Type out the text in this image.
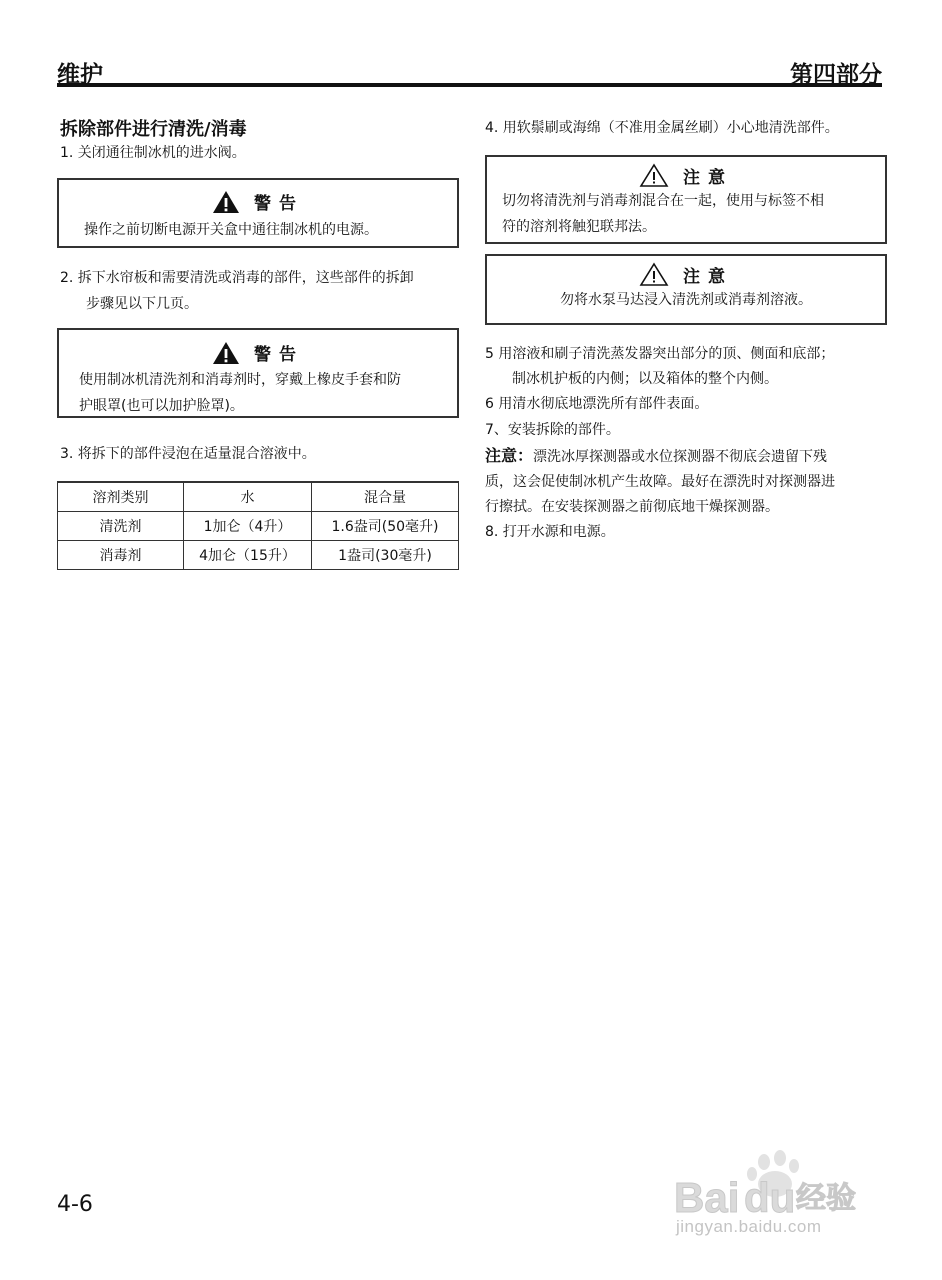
维护	第四部分
拆除部件进行清洗/消毒
1. 关闭通往制冰机的进水阀。
警告
操作之前切断电源开关盒中通往制冰机的电源。
2. 拆下水帘板和需要清洗或消毒的部件，这些部件的拆卸
步骤见以下几页。
警告
使用制冰机清洗剂和消毒剂时，穿戴上橡皮手套和防
护眼罩(也可以加护脸罩)。
3. 将拆下的部件浸泡在适量混合溶液中。
溶剂类别	水	混合量
清洗剂	1加仑（4升）	1.6盎司(50毫升)
消毒剂	4加仑（15升）	1盎司(30毫升)
4. 用软鬃刷或海绵（不准用金属丝刷）小心地清洗部件。
注意
切勿将清洗剂与消毒剂混合在一起，使用与标签不相
符的溶剂将触犯联邦法。
注意
勿将水泵马达浸入清洗剂或消毒剂溶液。
5 用溶液和刷子清洗蒸发器突出部分的顶、侧面和底部；
制冰机护板的内侧；以及箱体的整个内侧。
6 用清水彻底地漂洗所有部件表面。
7、安装拆除的部件。
注意：漂洗冰厚探测器或水位探测器不彻底会遗留下残
质，这会促使制冰机产生故障。最好在漂洗时对探测器进
行擦拭。在安装探测器之前彻底地干燥探测器。
8. 打开水源和电源。
4-6	Bai du 经验
jingyan.baidu.com
